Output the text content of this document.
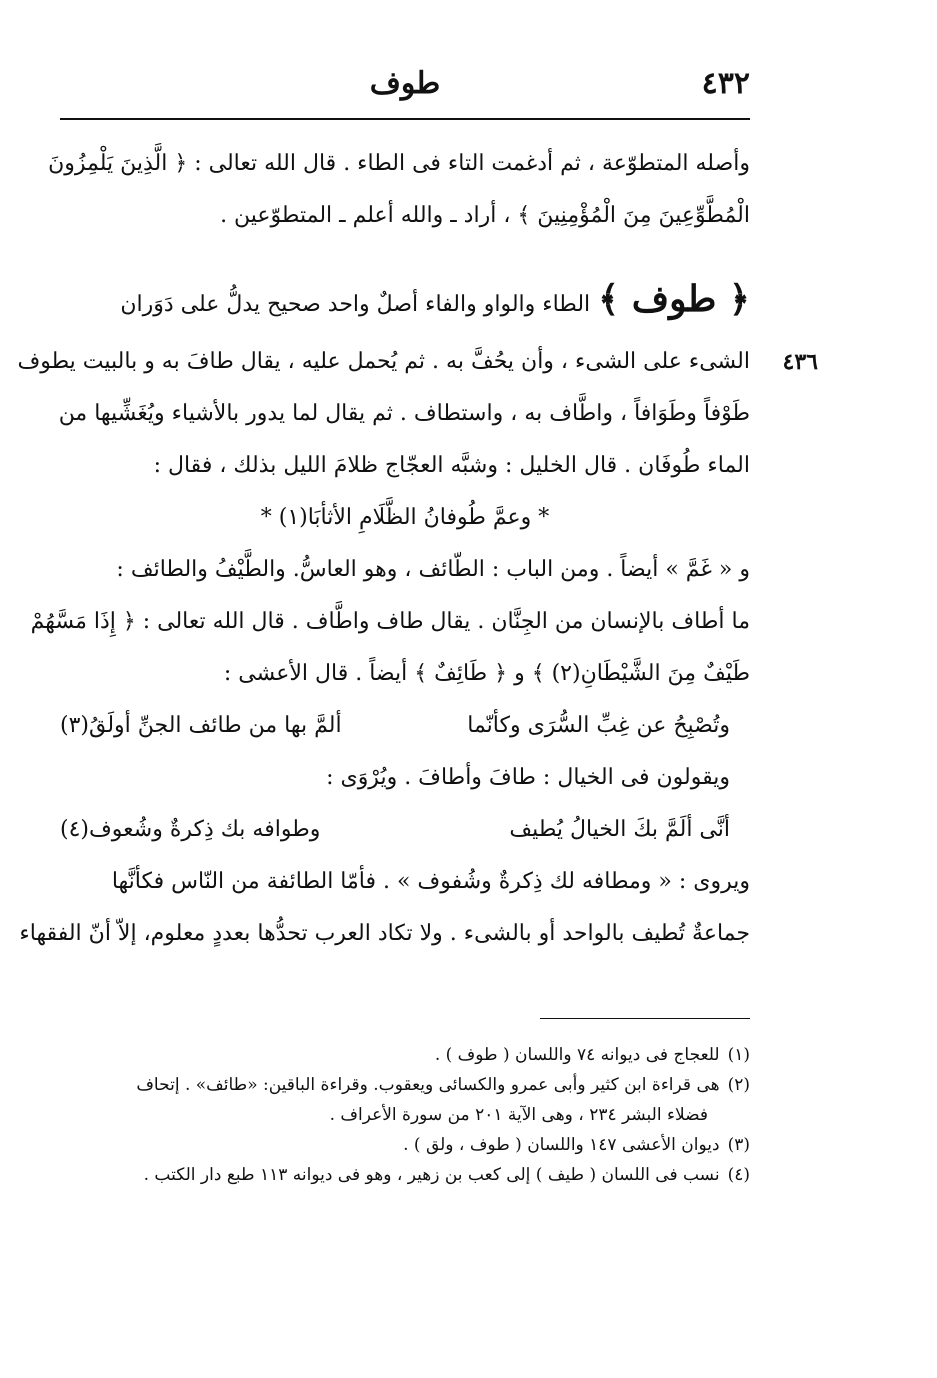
٤٣٢
طوف
وأصله المتطوّعة ، ثم أدغمت التاء فى الطاء . قال الله تعالى : ﴿ الَّذِينَ يَلْمِزُونَ
الْمُطَّوِّعِينَ مِنَ الْمُؤْمِنِينَ ﴾ ، أراد ـ والله أعلم ـ المتطوّعين .
﴿ طوف ﴾الطاء والواو والفاء أصلٌ واحد صحيح يدلُّ على دَوَران
٤٣٦
الشىء على الشىء ، وأن يحُفَّ به . ثم يُحمل عليه ، يقال طافَ به و بالبيت يطوف
طَوْفاً وطَوَافاً ، واطَّاف به ، واستطاف . ثم يقال لما يدور بالأشياء ويُغَشِّيها من
الماء طُوفَان . قال الخليل : وشبَّه العجّاج ظلامَ الليل بذلك ، فقال :
* وعمَّ طُوفانُ الظَّلَامِ الأثأبَا(١) *
و « غَمَّ » أيضاً . ومن الباب : الطّائف ، وهو العاسُّ. والطَّيْفُ والطائف :
ما أطاف بالإنسان من الجِنَّان . يقال طاف واطَّاف . قال الله تعالى : ﴿ إِذَا مَسَّهُمْ
طَيْفٌ مِنَ الشَّيْطَانِ(٢) ﴾ و ﴿ طَائِفٌ ﴾ أيضاً . قال الأعشى :
وتُصْبِحُ عن غِبِّ السُّرَى وكأنّما
ألمَّ بها من طائف الجنِّ أولَقُ(٣)
ويقولون فى الخيال : طافَ وأطافَ . ويُرْوَى :
أنَّى ألَمَّ بكَ الخيالُ يُطيف
وطوافه بك ذِكرةٌ وشُعوف(٤)
ويروى : « ومطافه لك ذِكرةٌ وشُفوف » . فأمّا الطائفة من النّاس فكأنَّها
جماعةٌ تُطيف بالواحد أو بالشىء . ولا تكاد العرب تحدُّها بعددٍ معلوم، إلاّ أنّ الفقهاء
(١)للعجاج فى ديوانه ٧٤ واللسان ( طوف ) .
(٢)هى قراءة ابن كثير وأبى عمرو والكسائى ويعقوب. وقراءة الباقين: «طائف» . إتحاف
فضلاء البشر ٢٣٤ ، وهى الآية ٢٠١ من سورة الأعراف .
(٣)ديوان الأعشى ١٤٧ واللسان ( طوف ، ولق ) .
(٤)نسب فى اللسان ( طيف ) إلى كعب بن زهير ، وهو فى ديوانه ١١٣ طبع دار الكتب .
